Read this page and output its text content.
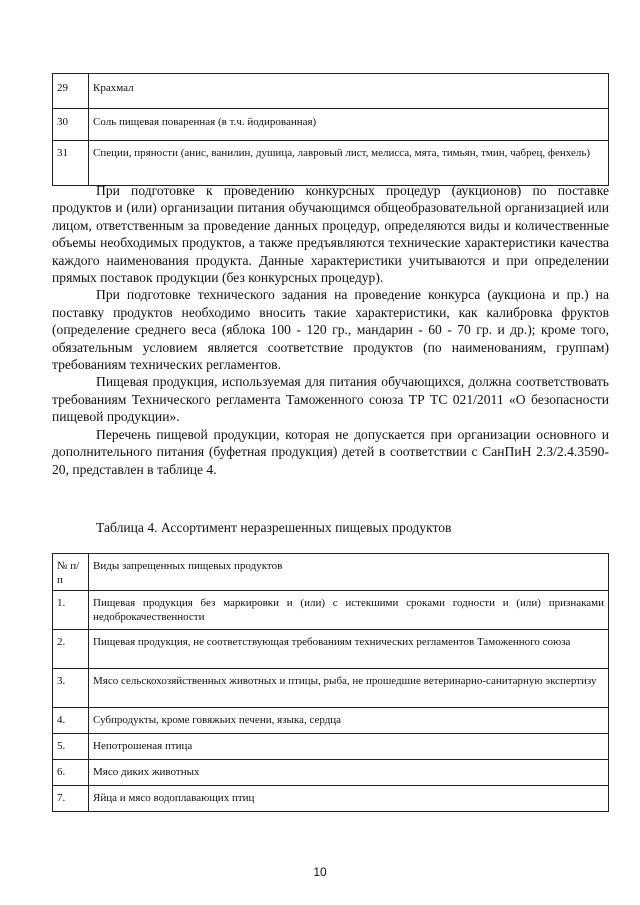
29	Крахмал
30	Соль пищевая поваренная (в т.ч. йодированная)
31	Специи, пряности (анис, ванилин, душица, лавровый лист, мелисса, мята, тимьян, тмин, чабрец, фенхель)

При подготовке к проведению конкурсных процедур (аукционов) по поставке продуктов и (или) организации питания обучающимся общеобразовательной организацией или лицом, ответственным за проведение данных процедур, определяются виды и количественные объемы необходимых продуктов, а также предъявляются технические характеристики качества каждого наименования продукта. Данные характеристики учитываются и при определении прямых поставок продукции (без конкурсных процедур).

При подготовке технического задания на проведение конкурса (аукциона и пр.) на поставку продуктов необходимо вносить такие характеристики, как калибровка фруктов (определение среднего веса (яблока 100 - 120 гр., мандарин - 60 - 70 гр. и др.); кроме того, обязательным условием является соответствие продуктов (по наименованиям, группам) требованиям технических регламентов.

Пищевая продукция, используемая для питания обучающихся, должна соответствовать требованиям Технического регламента Таможенного союза ТР ТС 021/2011 «О безопасности пищевой продукции».

Перечень пищевой продукции, которая не допускается при организации основного и дополнительного питания (буфетная продукция) детей в соответствии с СанПиН 2.3/2.4.3590-20, представлен в таблице 4.

Таблица 4. Ассортимент неразрешенных пищевых продуктов
№ п/п	Виды запрещенных пищевых продуктов
1.	Пищевая продукция без маркировки и (или) с истекшими сроками годности и (или) признаками недоброкачественности
2.	Пищевая продукция, не соответствующая требованиям технических регламентов Таможенного союза
3.	Мясо сельскохозяйственных животных и птицы, рыба, не прошедшие ветеринарно-санитарную экспертизу
4.	Субпродукты, кроме говяжьих печени, языка, сердца
5.	Непотрошеная птица
6.	Мясо диких животных
7.	Яйца и мясо водоплавающих птиц
10
